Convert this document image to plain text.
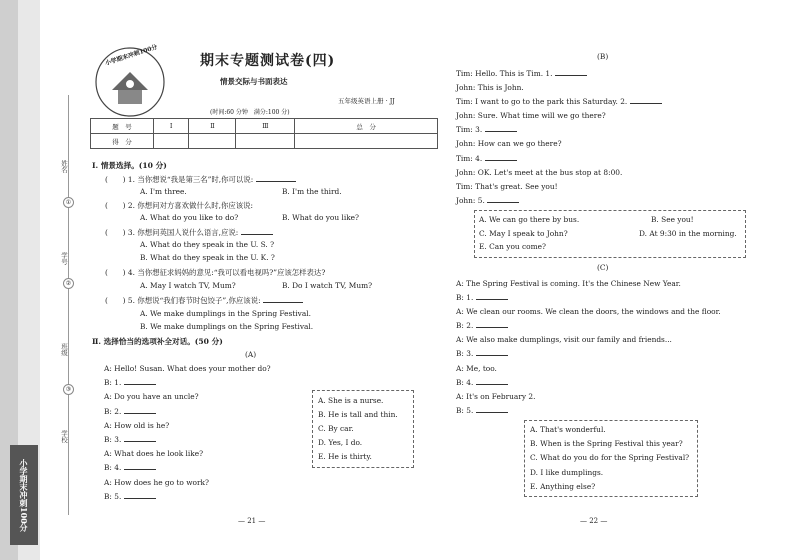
姓名
学号
班级
学校
①
②
③
小学期末冲刺100分
小学期末冲刺100分	期末专题测试卷(四)
情景交际与书面表达
五年级英语上册 · JJ
(时间:60 分钟　满分:100 分)
题　号	Ⅰ	Ⅱ	Ⅲ	总　分
得　分				
Ⅰ. 情景选择。(10 分)
(　　) 1. 当你想说“我是第三名”时,你可以说:
A. I'm three.	B. I'm the third.
(　　) 2. 你想问对方喜欢做什么时,你应该说:
A. What do you like to do?	B. What do you like?
(　　) 3. 你想问英国人说什么语言,应说:
A. What do they speak in the U. S. ?
B. What do they speak in the U. K. ?
(　　) 4. 当你想征求妈妈的意见:“我可以看电视吗?”应该怎样表达?
A. May I watch TV, Mum?	B. Do I watch TV, Mum?
(　　) 5. 你想说“我们春节时包饺子”,你应该说:
A. We make dumplings in the Spring Festival.
B. We make dumplings on the Spring Festival.
Ⅱ. 选择恰当的选项补全对话。(50 分)
(A)
A: Hello! Susan. What does your mother do?
B: 1.
A: Do you have an uncle?
B: 2.
A: How old is he?
B: 3.
A: What does he look like?
B: 4.
A: How does he go to work?
B: 5.
A. She is a nurse.
B. He is tall and thin.
C. By car.
D. Yes, I do.
E. He is thirty.
— 21 —
(B)
Tim: Hello. This is Tim. 1.
John: This is John.
Tim: I want to go to the park this Saturday. 2.
John: Sure. What time will we go there?
Tim: 3.
John: How can we go there?
Tim: 4.
John: OK. Let's meet at the bus stop at 8:00.
Tim: That's great. See you!
John: 5.
A. We can go there by bus.	B. See you!
C. May I speak to John?	D. At 9:30 in the morning.
E. Can you come?
(C)
A: The Spring Festival is coming. It's the Chinese New Year.
B: 1.
A: We clean our rooms. We clean the doors, the windows and the floor.
B: 2.
A: We also make dumplings, visit our family and friends...
B: 3.
A: Me, too.
B: 4.
A: It's on February 2.
B: 5.
A. That's wonderful.
B. When is the Spring Festival this year?
C. What do you do for the Spring Festival?
D. I like dumplings.
E. Anything else?
— 22 —
